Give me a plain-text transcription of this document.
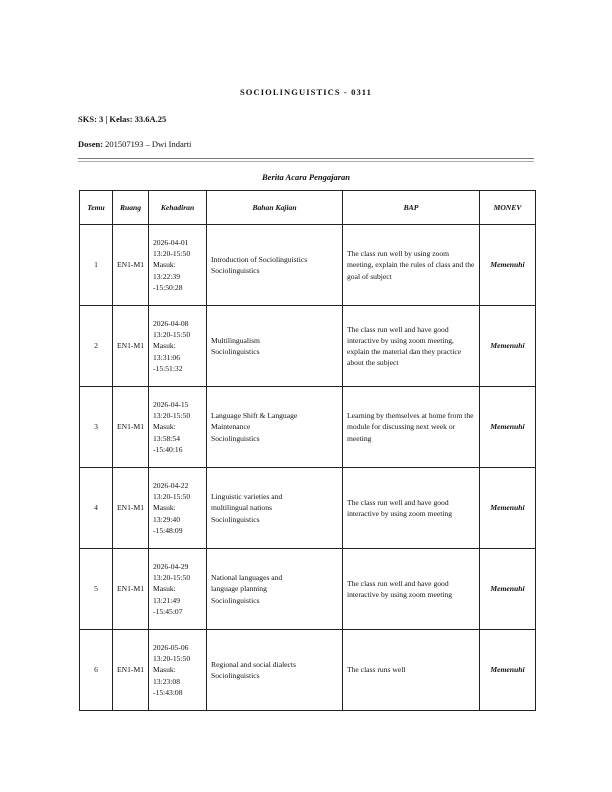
SOCIOLINGUISTICS - 0311
SKS: 3 | Kelas: 33.6A.25
Dosen: 201507193 – Dwi Indarti
Berita Acara Pengajaran
Temu	Ruang	Kehadiran	Bahan Kajian	BAP	MONEV
1	EN1-M1	2026-04-01
13:20-15:50
Masuk:
13:22:39
-15:50:28	Introduction of Sociolinguistics
Sociolinguistics	The class run well by using zoom meeting, explain the rules of class and the goal of subject	Memenuhi
2	EN1-M1	2026-04-08
13:20-15:50
Masuk:
13:31:06
-15:51:32	Multilingualism
Sociolinguistics	The class run well and have good interactive by using zoom meeting, explain the material dan they practice about the subject	Memenuhi
3	EN1-M1	2026-04-15
13:20-15:50
Masuk:
13:58:54
-15:40:16	Language Shift & Language
Maintenance
Sociolinguistics	Learning by themselves at home from the module for discussing next week or meeting	Memenuhi
4	EN1-M1	2026-04-22
13:20-15:50
Masuk:
13:29:40
-15:48:09	Linguistic varieties and
multilingual nations
Sociolinguistics	The class run well and have good interactive by using zoom meeting	Memenuhi
5	EN1-M1	2026-04-29
13:20-15:50
Masuk:
13:21:49
-15:45:07	National languages and
language planning
Sociolinguistics	The class run well and have good interactive by using zoom meeting	Memenuhi
6	EN1-M1	2026-05-06
13:20-15:50
Masuk:
13:23:08
-15:43:08	Regional and social dialects
Sociolinguistics	The class runs well	Memenuhi
